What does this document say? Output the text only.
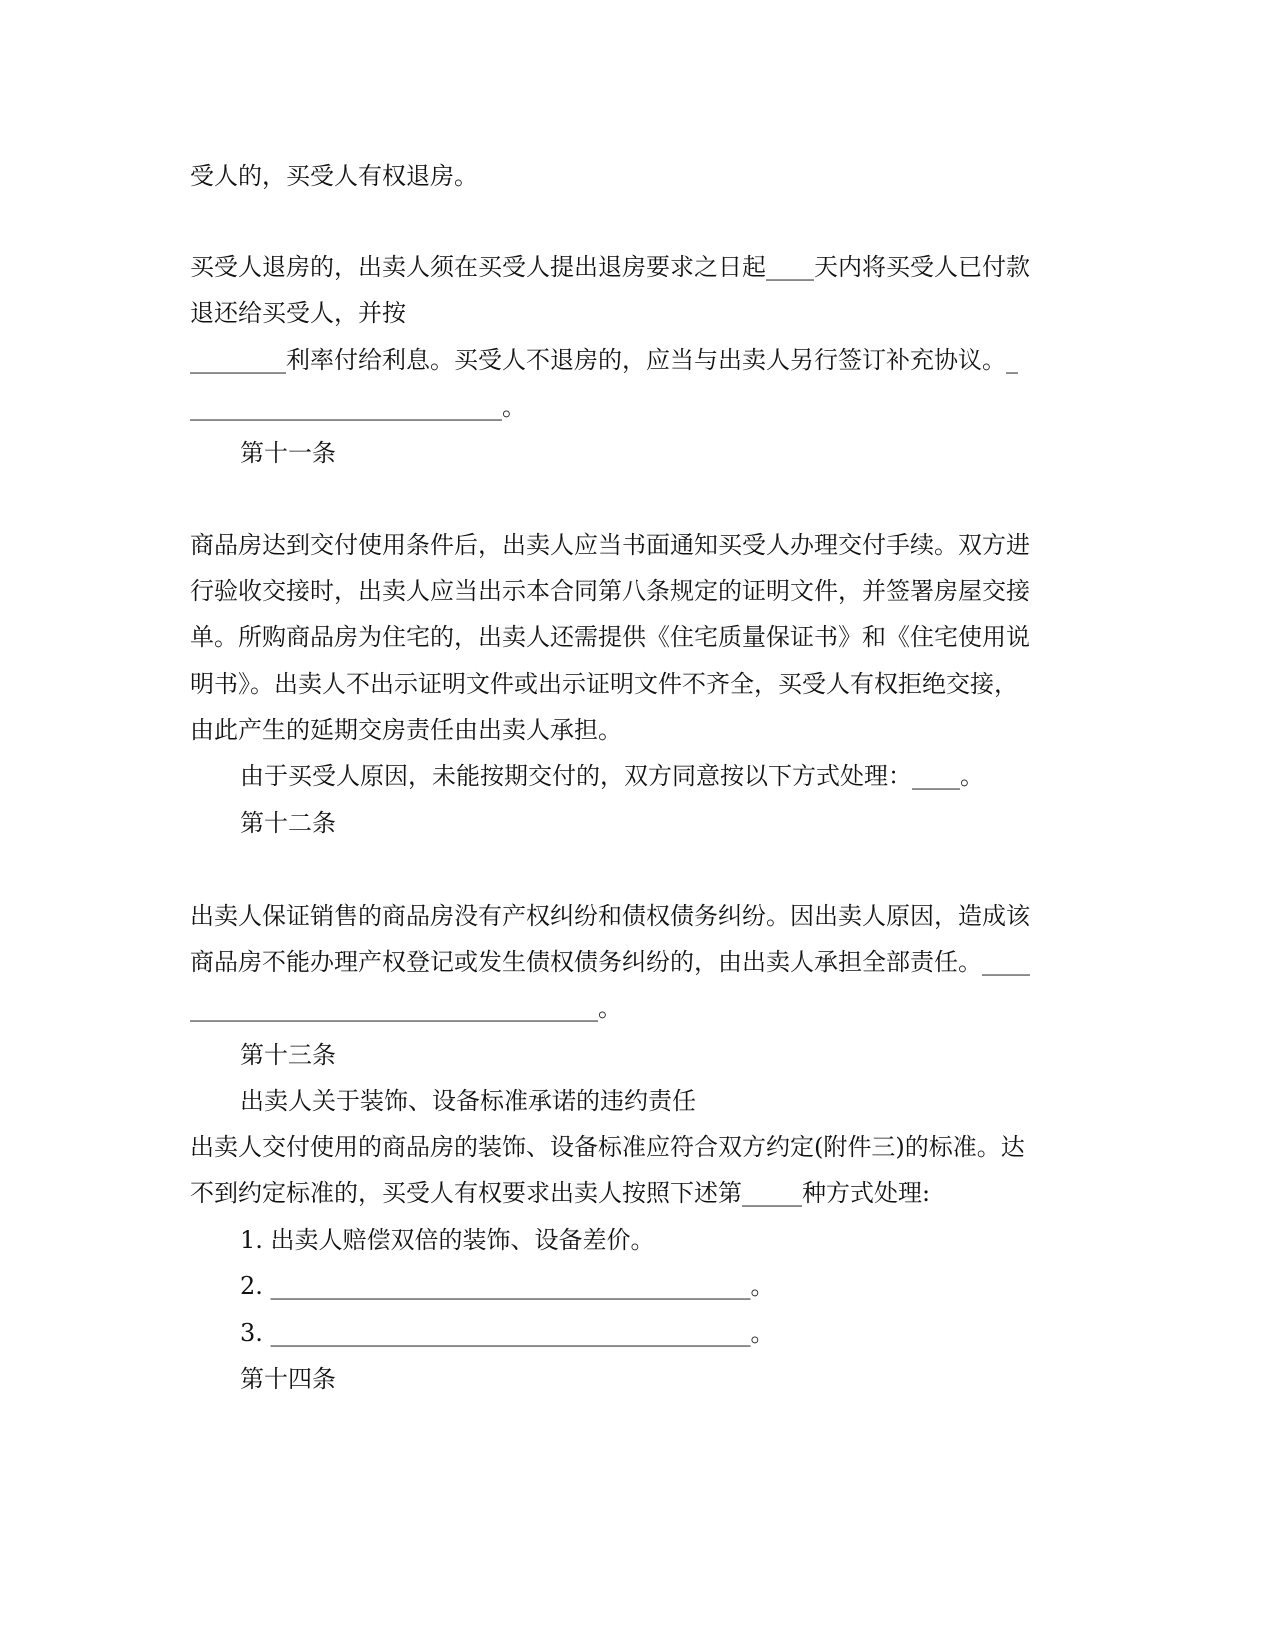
受人的，买受人有权退房。
买受人退房的，出卖人须在买受人提出退房要求之日起____天内将买受人已付款
退还给买受人，并按
________利率付给利息。买受人不退房的，应当与出卖人另行签订补充协议。_
__________________________。
第十一条
商品房达到交付使用条件后，出卖人应当书面通知买受人办理交付手续。双方进
行验收交接时，出卖人应当出示本合同第八条规定的证明文件，并签署房屋交接
单。所购商品房为住宅的，出卖人还需提供《住宅质量保证书》和《住宅使用说
明书》。出卖人不出示证明文件或出示证明文件不齐全，买受人有权拒绝交接，
由此产生的延期交房责任由出卖人承担。
由于买受人原因，未能按期交付的，双方同意按以下方式处理：____。
第十二条
出卖人保证销售的商品房没有产权纠纷和债权债务纠纷。因出卖人原因，造成该
商品房不能办理产权登记或发生债权债务纠纷的，由出卖人承担全部责任。____
__________________________________。
第十三条
出卖人关于装饰、设备标准承诺的违约责任
出卖人交付使用的商品房的装饰、设备标准应符合双方约定(附件三)的标准。达
不到约定标准的，买受人有权要求出卖人按照下述第_____种方式处理:
1. 出卖人赔偿双倍的装饰、设备差价。
2. ________________________________________。
3. ________________________________________。
第十四条
